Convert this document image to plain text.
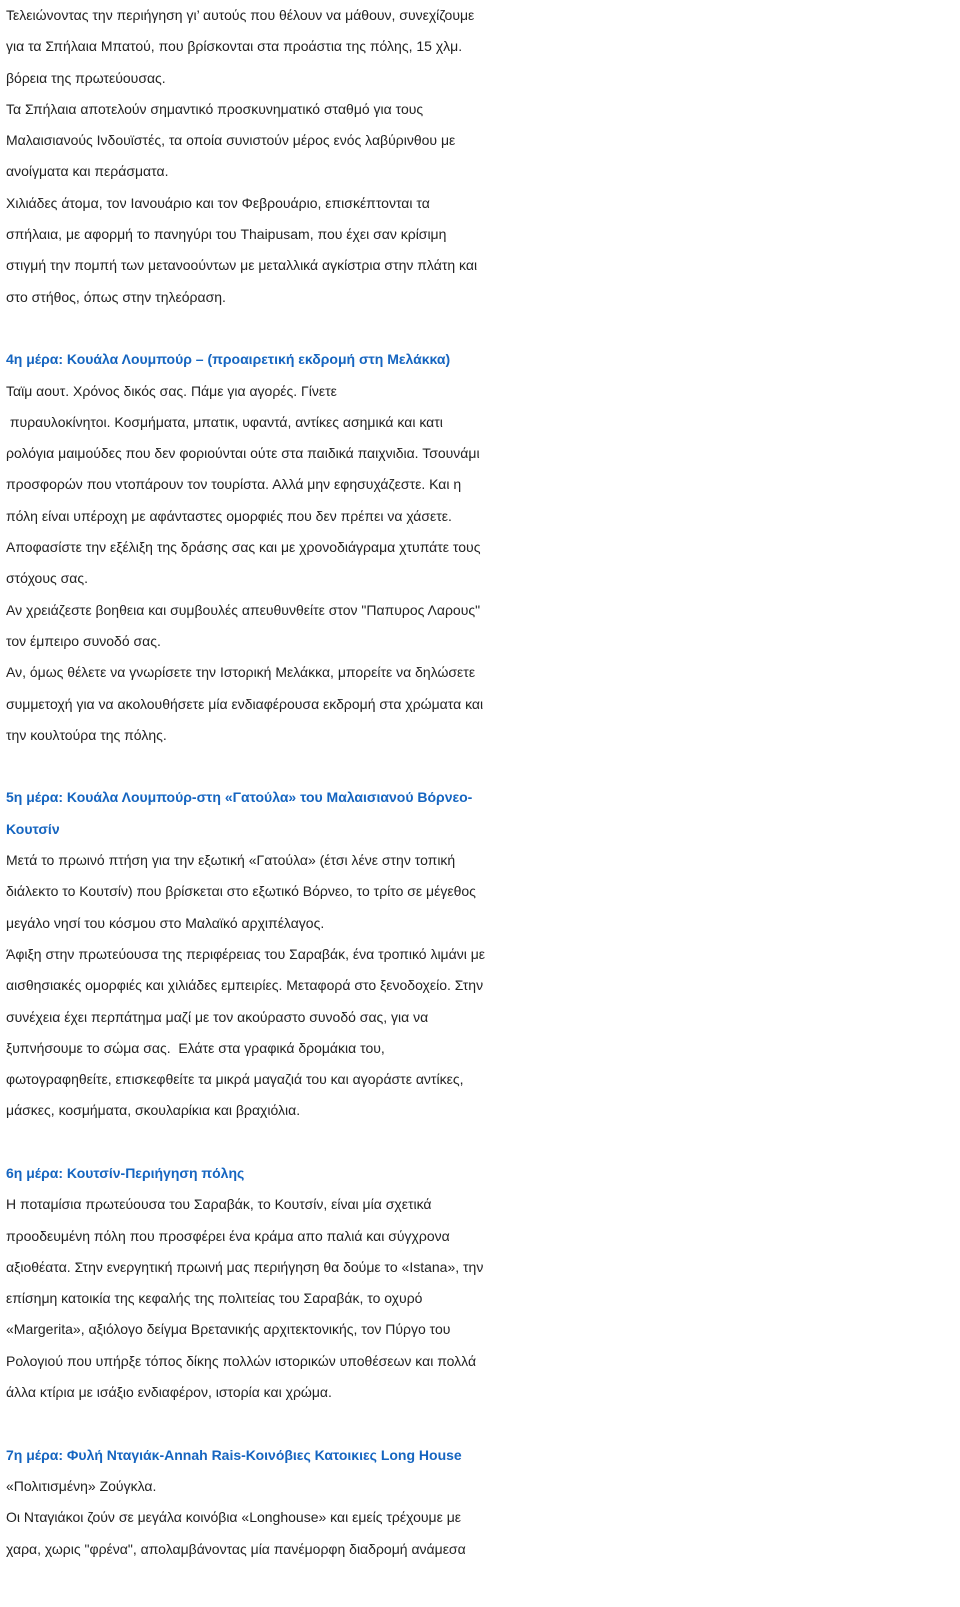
Τελειώνοντας την περιήγηση γι’ αυτούς που θέλουν να μάθουν, συνεχίζουμε
για τα Σπήλαια Μπατού, που βρίσκονται στα προάστια της πόλης, 15 χλμ.
βόρεια της πρωτεύουσας.
Τα Σπήλαια αποτελούν σημαντικό προσκυνηματικό σταθμό για τους
Μαλαισιανούς Ινδουϊστές, τα οποία συνιστούν μέρος ενός λαβύρινθου με
ανοίγματα και περάσματα.
Χιλιάδες άτομα, τον Ιανουάριο και τον Φεβρουάριο, επισκέπτονται τα
σπήλαια, με αφορμή το πανηγύρι του Thaipusam, που έχει σαν κρίσιμη
στιγμή την πομπή των μετανοούντων με μεταλλικά αγκίστρια στην πλάτη και
στο στήθος, όπως στην τηλεόραση.
4η μέρα: Κουάλα Λουμπούρ – (προαιρετική εκδρομή στη Μελάκκα)
Ταϊμ αουτ. Χρόνος δικός σας. Πάμε για αγορές. Γίνετε
πυραυλοκίνητοι. Κοσμήματα, μπατικ, υφαντά, αντίκες ασημικά και κατι
ρολόγια μαιμούδες που δεν φοριούνται ούτε στα παιδικά παιχνιδια. Τσουνάμι
προσφορών που ντοπάρουν τον τουρίστα. Αλλά μην εφησυχάζεστε. Και η
πόλη είναι υπέροχη με αφάνταστες ομορφιές που δεν πρέπει να χάσετε.
Αποφασίστε την εξέλιξη της δράσης σας και με χρονοδιάγραμα χτυπάτε τους
στόχους σας.
Αν χρειάζεστε βοηθεια και συμβουλές απευθυνθείτε στον "Παπυρος Λαρους"
τον έμπειρο συνοδό σας.
Αν, όμως θέλετε να γνωρίσετε την Ιστορική Μελάκκα, μπορείτε να δηλώσετε
συμμετοχή για να ακολουθήσετε μία ενδιαφέρουσα εκδρομή στα χρώματα και
την κουλτούρα της πόλης.
5η μέρα: Κουάλα Λουμπούρ-στη «Γατούλα» του Μαλαισιανού Βόρνεο-
Κουτσίν
Μετά το πρωινό πτήση για την εξωτική «Γατούλα» (έτσι λένε στην τοπική
διάλεκτο το Κουτσίν) που βρίσκεται στο εξωτικό Βόρνεο, το τρίτο σε μέγεθος
μεγάλο νησί του κόσμου στο Μαλαϊκό αρχιπέλαγος.
Άφιξη στην πρωτεύουσα της περιφέρειας του Σαραβάκ, ένα τροπικό λιμάνι με
αισθησιακές ομορφιές και χιλιάδες εμπειρίες. Μεταφορά στο ξενοδοχείο. Στην
συνέχεια έχει περπάτημα μαζί με τον ακούραστο συνοδό σας, για να
ξυπνήσουμε το σώμα σας.  Ελάτε στα γραφικά δρομάκια του,
φωτογραφηθείτε, επισκεφθείτε τα μικρά μαγαζιά του και αγοράστε αντίκες,
μάσκες, κοσμήματα, σκουλαρίκια και βραχιόλια.
6η μέρα: Κουτσίν-Περιήγηση πόλης
Η ποταμίσια πρωτεύουσα του Σαραβάκ, το Κουτσίν, είναι μία σχετικά
προοδευμένη πόλη που προσφέρει ένα κράμα απο παλιά και σύγχρονα
αξιοθέατα. Στην ενεργητική πρωινή μας περιήγηση θα δούμε το «Istana», την
επίσημη κατοικία της κεφαλής της πολιτείας του Σαραβάκ, το οχυρό
«Margerita», αξιόλογο δείγμα Βρετανικής αρχιτεκτονικής, τον Πύργο του
Ρολογιού που υπήρξε τόπος δίκης πολλών ιστορικών υποθέσεων και πολλά
άλλα κτίρια με ισάξιο ενδιαφέρον, ιστορία και χρώμα.
7η μέρα: Φυλή Νταγιάκ-Annah Rais-Κοινόβιες Κατοικιες Long House
«Πολιτισμένη» Ζούγκλα.
Οι Νταγιάκοι ζούν σε μεγάλα κοινόβια «Longhouse» και εμείς τρέχουμε με
χαρα, χωρις "φρένα", απολαμβάνοντας μία πανέμορφη διαδρομή ανάμεσα
